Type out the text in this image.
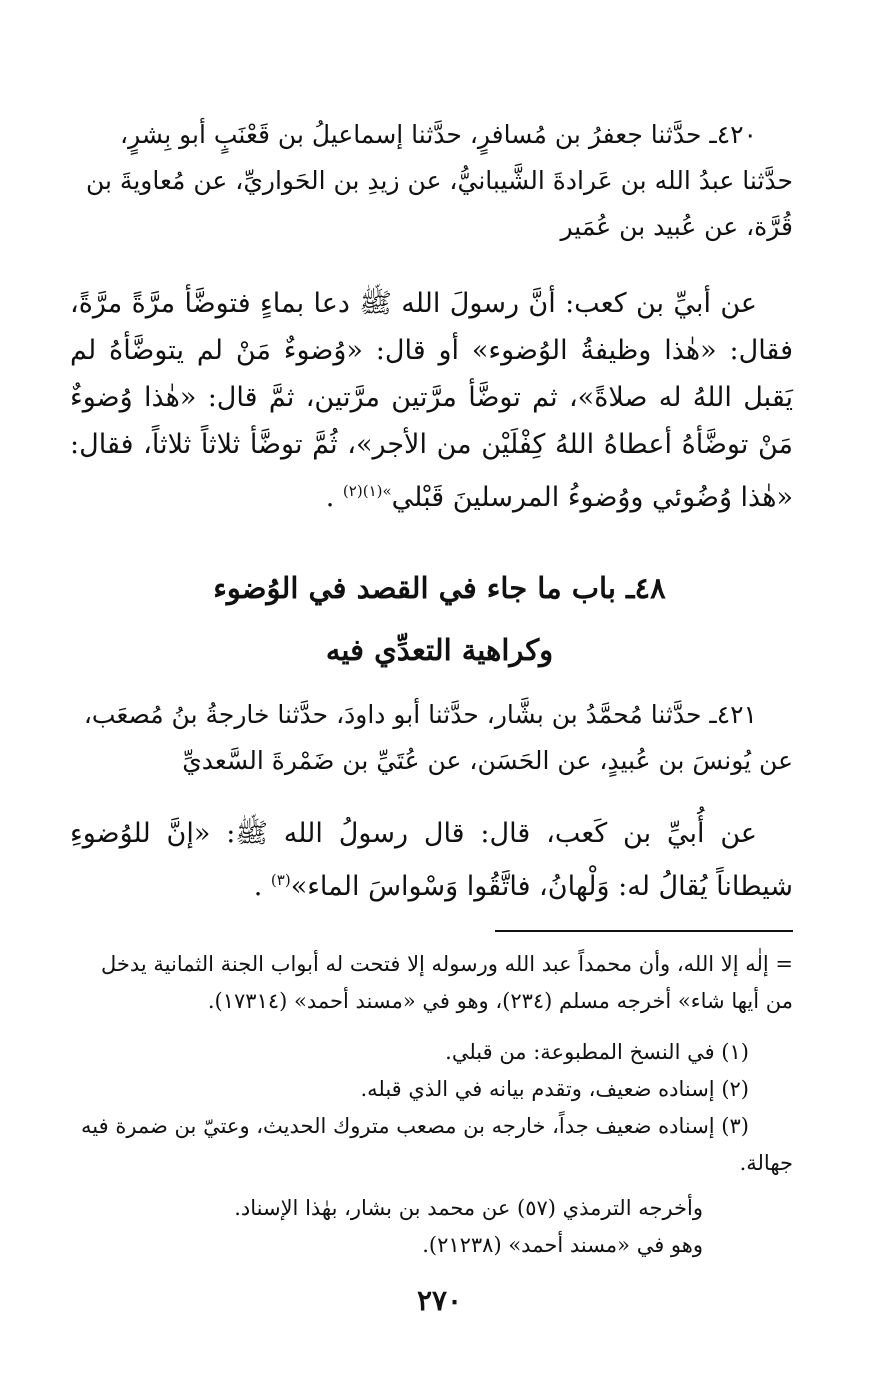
٤٢٠ـ حدَّثنا جعفرُ بن مُسافرٍ، حدَّثنا إسماعيلُ بن قَعْنَبٍ أبو بِشرٍ، حدَّثنا عبدُ الله بن عَرادةَ الشَّيبانيُّ، عن زيدِ بن الحَواريِّ، عن مُعاويةَ بن قُرَّة، عن عُبيد بن عُمَير

عن أبيِّ بن كعب: أنَّ رسولَ الله ﷺ دعا بماءٍ فتوضَّأ مرَّةً مرَّةً، فقال: «هٰذا وظيفةُ الوُضوء» أو قال: «وُضوءٌ مَنْ لم يتوضَّأهُ لم يَقبل اللهُ له صلاةً»، ثم توضَّأ مرَّتين مرَّتين، ثمَّ قال: «هٰذا وُضوءٌ مَنْ توضَّأهُ أعطاهُ اللهُ كِفْلَيْن من الأجر»، ثُمَّ توضَّأ ثلاثاً ثلاثاً، فقال: «هٰذا وُضُوئي ووُضوءُ المرسلينَ قَبْلي$^{»(١)(٢)}$ .

٤٨ـ باب ما جاء في القصد في الوُضوء
وكراهية التعدِّي فيه

٤٢١ـ حدَّثنا مُحمَّدُ بن بشَّار، حدَّثنا أبو داودَ، حدَّثنا خارجةُ بنُ مُصعَب، عن يُونسَ بن عُبيدٍ، عن الحَسَن، عن عُتَيِّ بن ضَمْرةَ السَّعديِّ

عن أُبيِّ بن كَعب، قال: قال رسولُ الله ﷺ: «إنَّ للوُضوءِ شيطاناً يُقالُ له: وَلْهانُ، فاتَّقُوا وَسْواسَ الماء»$^{(٣)}$ .

= إلٰه إلا الله، وأن محمداً عبد الله ورسوله إلا فتحت له أبواب الجنة الثمانية يدخل من أيها شاء» أخرجه مسلم (٢٣٤)، وهو في «مسند أحمد» (١٧٣١٤).
(١) في النسخ المطبوعة: من قبلي.
(٢) إسناده ضعيف، وتقدم بيانه في الذي قبله.
(٣) إسناده ضعيف جداً، خارجه بن مصعب متروك الحديث، وعتيّ بن ضمرة فيه جهالة.
وأخرجه الترمذي (٥٧) عن محمد بن بشار، بهٰذا الإسناد.
وهو في «مسند أحمد» (٢١٢٣٨).
٢٧٠
